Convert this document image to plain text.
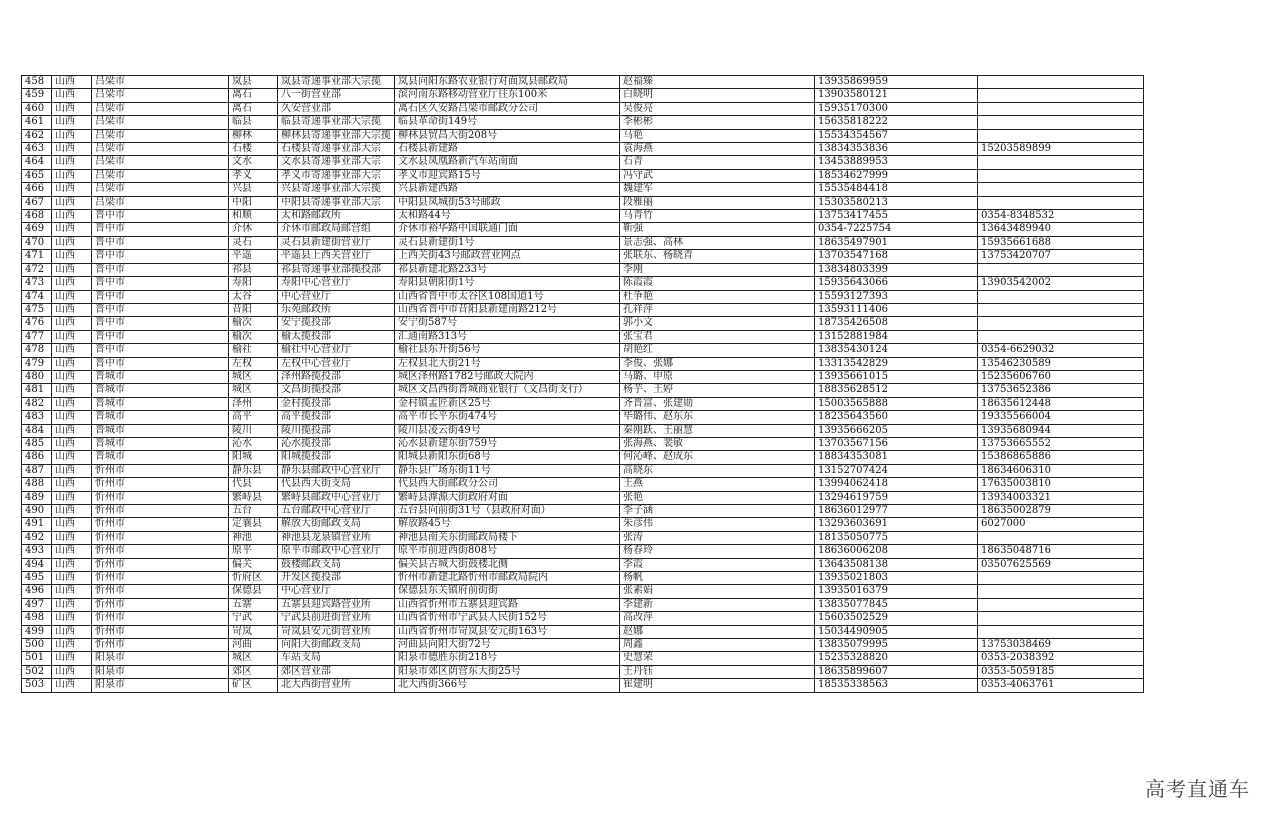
458	山西	吕梁市	岚县	岚县寄递事业部大宗揽	岚县向阳东路农业银行对面岚县邮政局	赵福臻	13935869959	
459	山西	吕梁市	离石	八一街营业部	滨河南东路移动营业厅往东100米	白晓明	13903580121	
460	山西	吕梁市	离石	久安营业部	离石区久安路吕梁市邮政分公司	吴俊亮	15935170300	
461	山西	吕梁市	临县	临县寄递事业部大宗揽	临县革命街149号	李彬彬	15635818222	
462	山西	吕梁市	柳林	柳林县寄递事业部大宗揽	柳林县贸昌大街208号	马艳	15534354567	
463	山西	吕梁市	石楼	石楼县寄递事业部大宗	石楼县新建路	袁海燕	13834353836	15203589899
464	山西	吕梁市	文水	文水县寄递事业部大宗	文水县凤凰路新汽车站南面	石青	13453889953	
465	山西	吕梁市	孝义	孝义市寄递事业部大宗	孝义市迎宾路15号	冯守武	18534627999	
466	山西	吕梁市	兴县	兴县寄递事业部大宗揽	兴县新建西路	魏建军	15535484418	
467	山西	吕梁市	中阳	中阳县寄递事业部大宗	中阳县凤城街53号邮政	段雅丽	15303580213	
468	山西	晋中市	和顺	太和路邮政所	太和路44号	马青竹	13753417455	0354-8348532
469	山西	晋中市	介休	介休市邮政局邮营组	介休市裕华路中国联通门面	靳强	0354-7225754	13643489940
470	山西	晋中市	灵石	灵石县新建街营业厅	灵石县新建街1号	景志强、高林	18635497901	15935661688
471	山西	晋中市	平遥	平遥县上西关营业厅	上西关街43号邮政营业网点	张联东、杨晓青	13703547168	13753420707
472	山西	晋中市	祁县	祁县寄递事业部揽投部	祁县新建北路233号	李刚	13834803399	
473	山西	晋中市	寿阳	寿阳中心营业厅	寿阳县朝阳街1号	陈霞霞	15935643066	13903542002
474	山西	晋中市	太谷	中心营业厅	山西省晋中市太谷区108国道1号	杜争艳	15593127393	
475	山西	晋中市	昔阳	乐苑邮政所	山西省晋中市昔阳县新建南路212号	孔祥萍	13593111406	
476	山西	晋中市	榆次	安宁揽投部	安宁街587号	郭小文	18735426508	
477	山西	晋中市	榆次	榆太揽投部	汇通南路313号	张宝君	13152881984	
478	山西	晋中市	榆社	榆社中心营业厅	榆社县东升街56号	胡艳红	13835430124	0354-6629032
479	山西	晋中市	左权	左权中心营业厅	左权县北大街21号	李俊、张娜	13313542829	13546230589
480	山西	晋城市	城区	泽州路揽投部	城区泽州路1782号邮政大院内	马璐、申原	13935661015	15235606760
481	山西	晋城市	城区	文昌街揽投部	城区文昌西街晋城商业银行（文昌街支行）	杨芋、王婷	18835628512	13753652386
482	山西	晋城市	泽州	金村揽投部	金村镇孟匠新区25号	齐晋富、张建勋	15003565888	18635612448
483	山西	晋城市	高平	高平揽投部	高平市长平东街474号	毕璐伟、赵东东	18235643560	19335566004
484	山西	晋城市	陵川	陵川揽投部	陵川县凌云街49号	秦刚跃、王丽慧	13935666205	13935680944
485	山西	晋城市	沁水	沁水揽投部	沁水县新建东街759号	张海燕、裴敏	13703567156	13753665552
486	山西	晋城市	阳城	阳城揽投部	阳城县新阳东街68号	何沁峰、赵成东	18834353081	15386865886
487	山西	忻州市	静乐县	静乐县邮政中心营业厅	静乐县广场东街11号	高晓东	13152707424	18634606310
488	山西	忻州市	代县	代县西大街支局	代县西大街邮政分公司	王燕	13994062418	17635003810
489	山西	忻州市	繁峙县	繁峙县邮政中心营业厅	繁峙县滹源大街政府对面	张艳	13294619759	13934003321
490	山西	忻州市	五台	五台邮政中心营业厅	五台县向前街31号（县政府对面）	李子涵	18636012977	18635002879
491	山西	忻州市	定襄县	解放大街邮政支局	解放路45号	朱彦伟	13293603691	6027000
492	山西	忻州市	神池	神池县龙泉镇营业所	神池县南关东街邮政局楼下	张涛	18135050775	
493	山西	忻州市	原平	原平市邮政中心营业厅	原平市前进西街808号	杨春玲	18636006208	18635048716
494	山西	忻州市	偏关	鼓楼邮政支局	偏关县古城大街鼓楼北侧	李霞	13643508138	03507625569
495	山西	忻州市	忻府区	开发区揽投部	忻州市新建北路忻州市邮政局院内	杨帆	13935021803	
496	山西	忻州市	保德县	中心营业厅	保德县东关镇府前街街	张素娟	13935016379	
497	山西	忻州市	五寨	五寨县迎宾路营业所	山西省忻州市五寨县迎宾路	李建新	13835077845	
498	山西	忻州市	宁武	宁武县前进街营业所	山西省忻州市宁武县人民街152号	高改萍	15603502529	
499	山西	忻州市	岢岚	岢岚县安元街营业所	山西省忻州市岢岚县安元街163号	赵娜	15034490905	
500	山西	忻州市	河曲	向阳大街邮政支局	河曲县向阳大街72号	周鑫	13835079995	13753038469
501	山西	阳泉市	城区	车站支局	阳泉市德胜东街218号	史慧荣	15235328820	0353-2038392
502	山西	阳泉市	郊区	郊区营业部	阳泉市郊区荫营东大街25号	王丹钰	18635899607	0353-5059185
503	山西	阳泉市	矿区	北大西街营业所	北大西街366号	崔建明	18535338563	0353-4063761
高考直通车
